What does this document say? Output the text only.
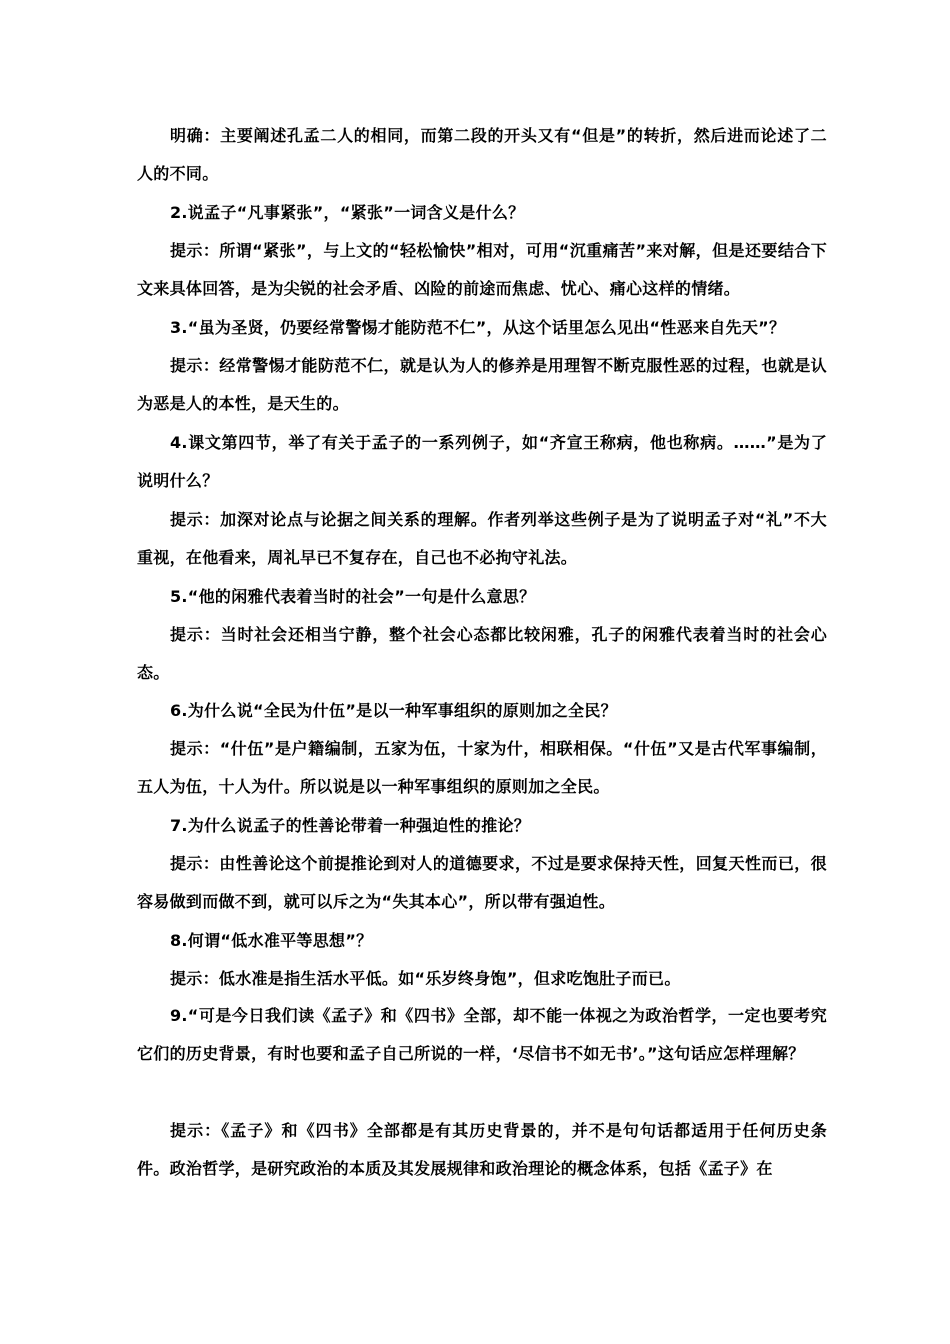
明确：主要阐述孔孟二人的相同，而第二段的开头又有“但是”的转折，然后进而论述了二人的不同。

2.说孟子“凡事紧张”，“紧张”一词含义是什么？

提示：所谓“紧张”，与上文的“轻松愉快”相对，可用“沉重痛苦”来对解，但是还要结合下文来具体回答，是为尖锐的社会矛盾、凶险的前途而焦虑、忧心、痛心这样的情绪。

3.“虽为圣贤，仍要经常警惕才能防范不仁”，从这个话里怎么见出“性恶来自先天”？

提示：经常警惕才能防范不仁，就是认为人的修养是用理智不断克服性恶的过程，也就是认为恶是人的本性，是天生的。

4.课文第四节，举了有关于孟子的一系列例子，如“齐宣王称病，他也称病。……”是为了说明什么？

提示：加深对论点与论据之间关系的理解。作者列举这些例子是为了说明孟子对“礼”不大重视，在他看来，周礼早已不复存在，自己也不必拘守礼法。

5.“他的闲雅代表着当时的社会”一句是什么意思？

提示：当时社会还相当宁静，整个社会心态都比较闲雅，孔子的闲雅代表着当时的社会心态。

6.为什么说“全民为什伍”是以一种军事组织的原则加之全民？

提示：“什伍”是户籍编制，五家为伍，十家为什，相联相保。“什伍”又是古代军事编制，五人为伍，十人为什。所以说是以一种军事组织的原则加之全民。

7.为什么说孟子的性善论带着一种强迫性的推论？

提示：由性善论这个前提推论到对人的道德要求，不过是要求保持天性，回复天性而已，很容易做到而做不到，就可以斥之为“失其本心”，所以带有强迫性。

8.何谓“低水准平等思想”？

提示：低水准是指生活水平低。如“乐岁终身饱”，但求吃饱肚子而已。

9.“可是今日我们读《孟子》和《四书》全部，却不能一体视之为政治哲学，一定也要考究它们的历史背景，有时也要和孟子自己所说的一样，‘尽信书不如无书’。”这句话应怎样理解？

提示：《孟子》和《四书》全部都是有其历史背景的，并不是句句话都适用于任何历史条件。政治哲学，是研究政治的本质及其发展规律和政治理论的概念体系，包括《孟子》在
